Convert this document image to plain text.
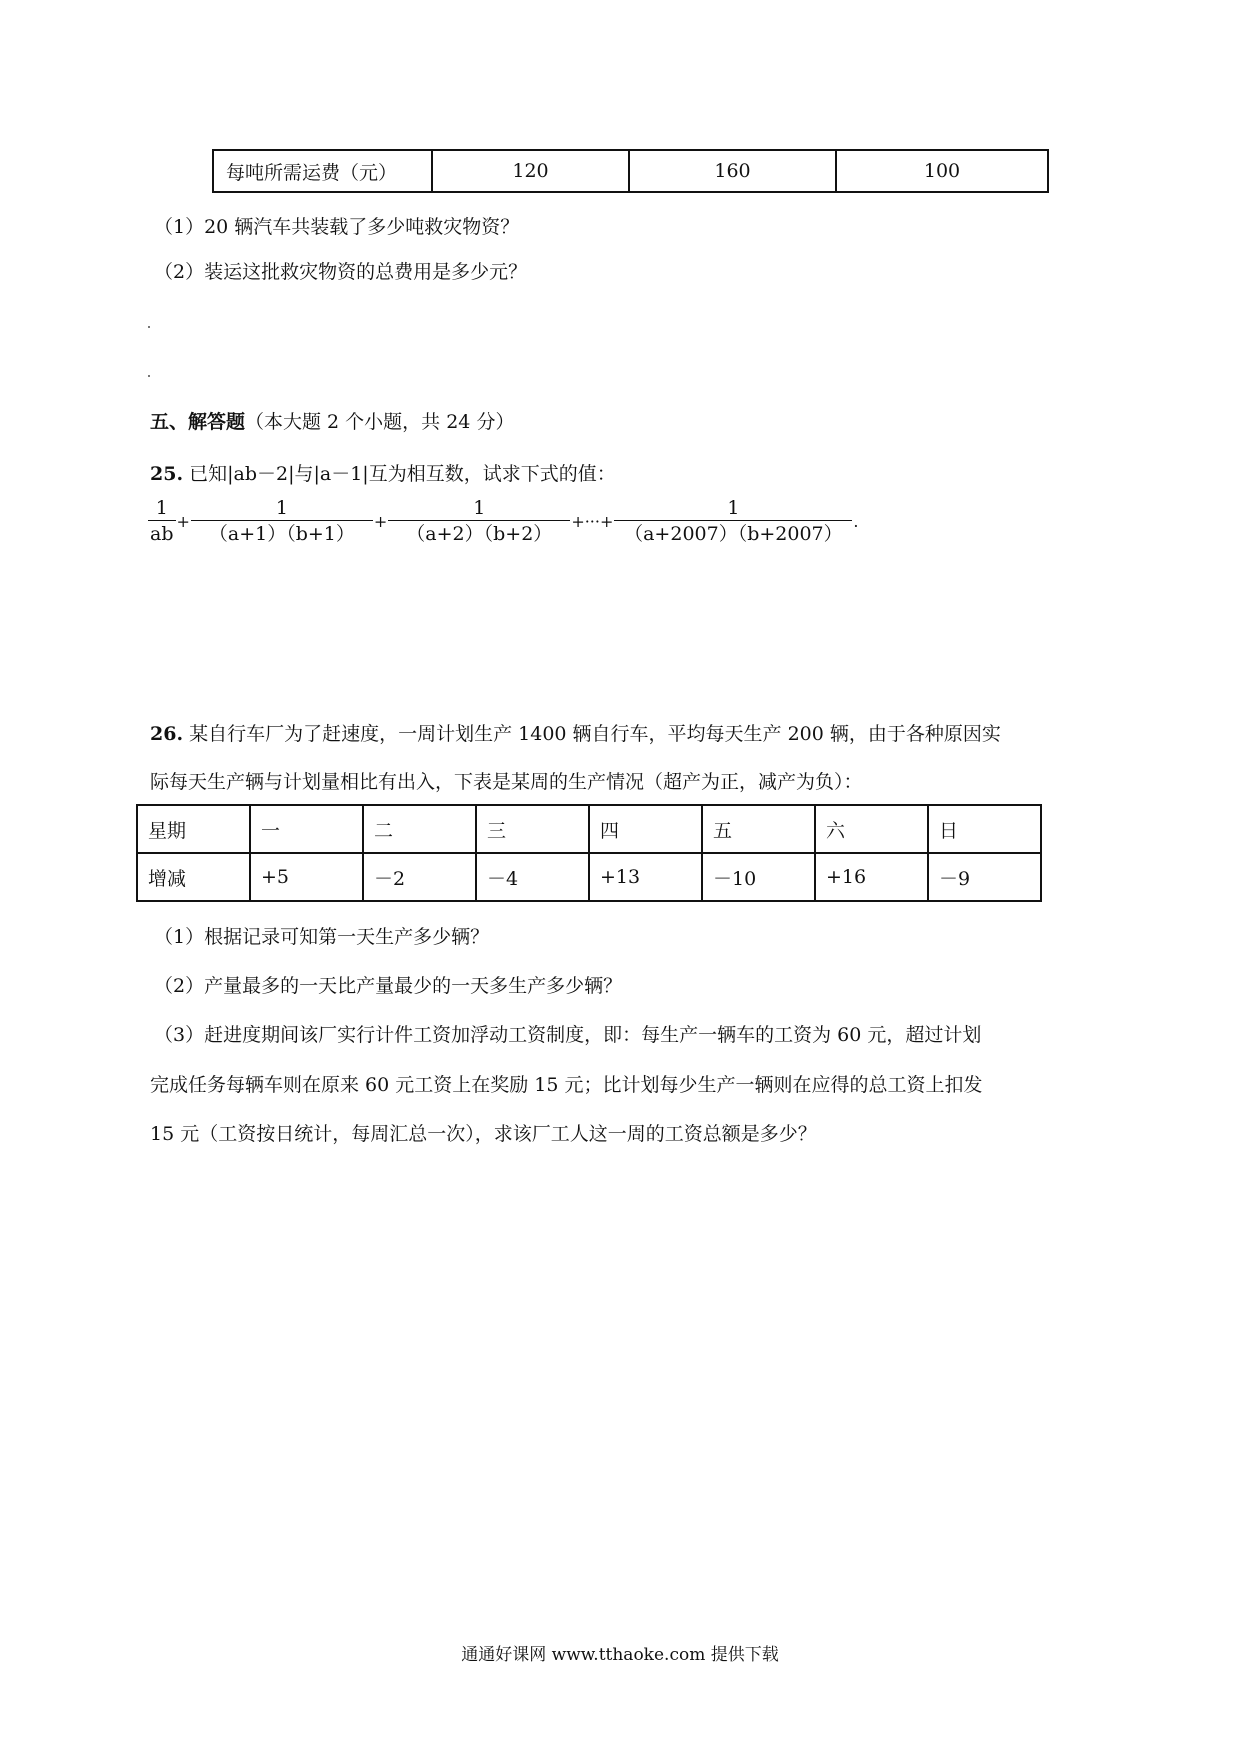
每吨所需运费（元）	120	160	100
（1）20 辆汽车共装载了多少吨救灾物资？
（2）装运这批救灾物资的总费用是多少元？
五、解答题（本大题 2 个小题，共 24 分）
25. 已知|ab－2|与|a－1|互为相互数，试求下式的值：
$\frac{1}{ab} + \frac{1}{(a+1)(b+1)} + \frac{1}{(a+2)(b+2)}$ +···+ $\frac{1}{(a+2007)(b+2007)}$ .
26. 某自行车厂为了赶速度，一周计划生产 1400 辆自行车，平均每天生产 200 辆，由于各种原因实
际每天生产辆与计划量相比有出入，下表是某周的生产情况（超产为正，减产为负）：
星期	一	二	三	四	五	六	日
增减	+5	－2	－4	+13	－10	+16	－9
（1）根据记录可知第一天生产多少辆？
（2）产量最多的一天比产量最少的一天多生产多少辆？
（3）赶进度期间该厂实行计件工资加浮动工资制度，即：每生产一辆车的工资为 60 元，超过计划
完成任务每辆车则在原来 60 元工资上在奖励 15 元；比计划每少生产一辆则在应得的总工资上扣发
15 元（工资按日统计，每周汇总一次），求该厂工人这一周的工资总额是多少？
通通好课网 www.tthaoke.com 提供下载
